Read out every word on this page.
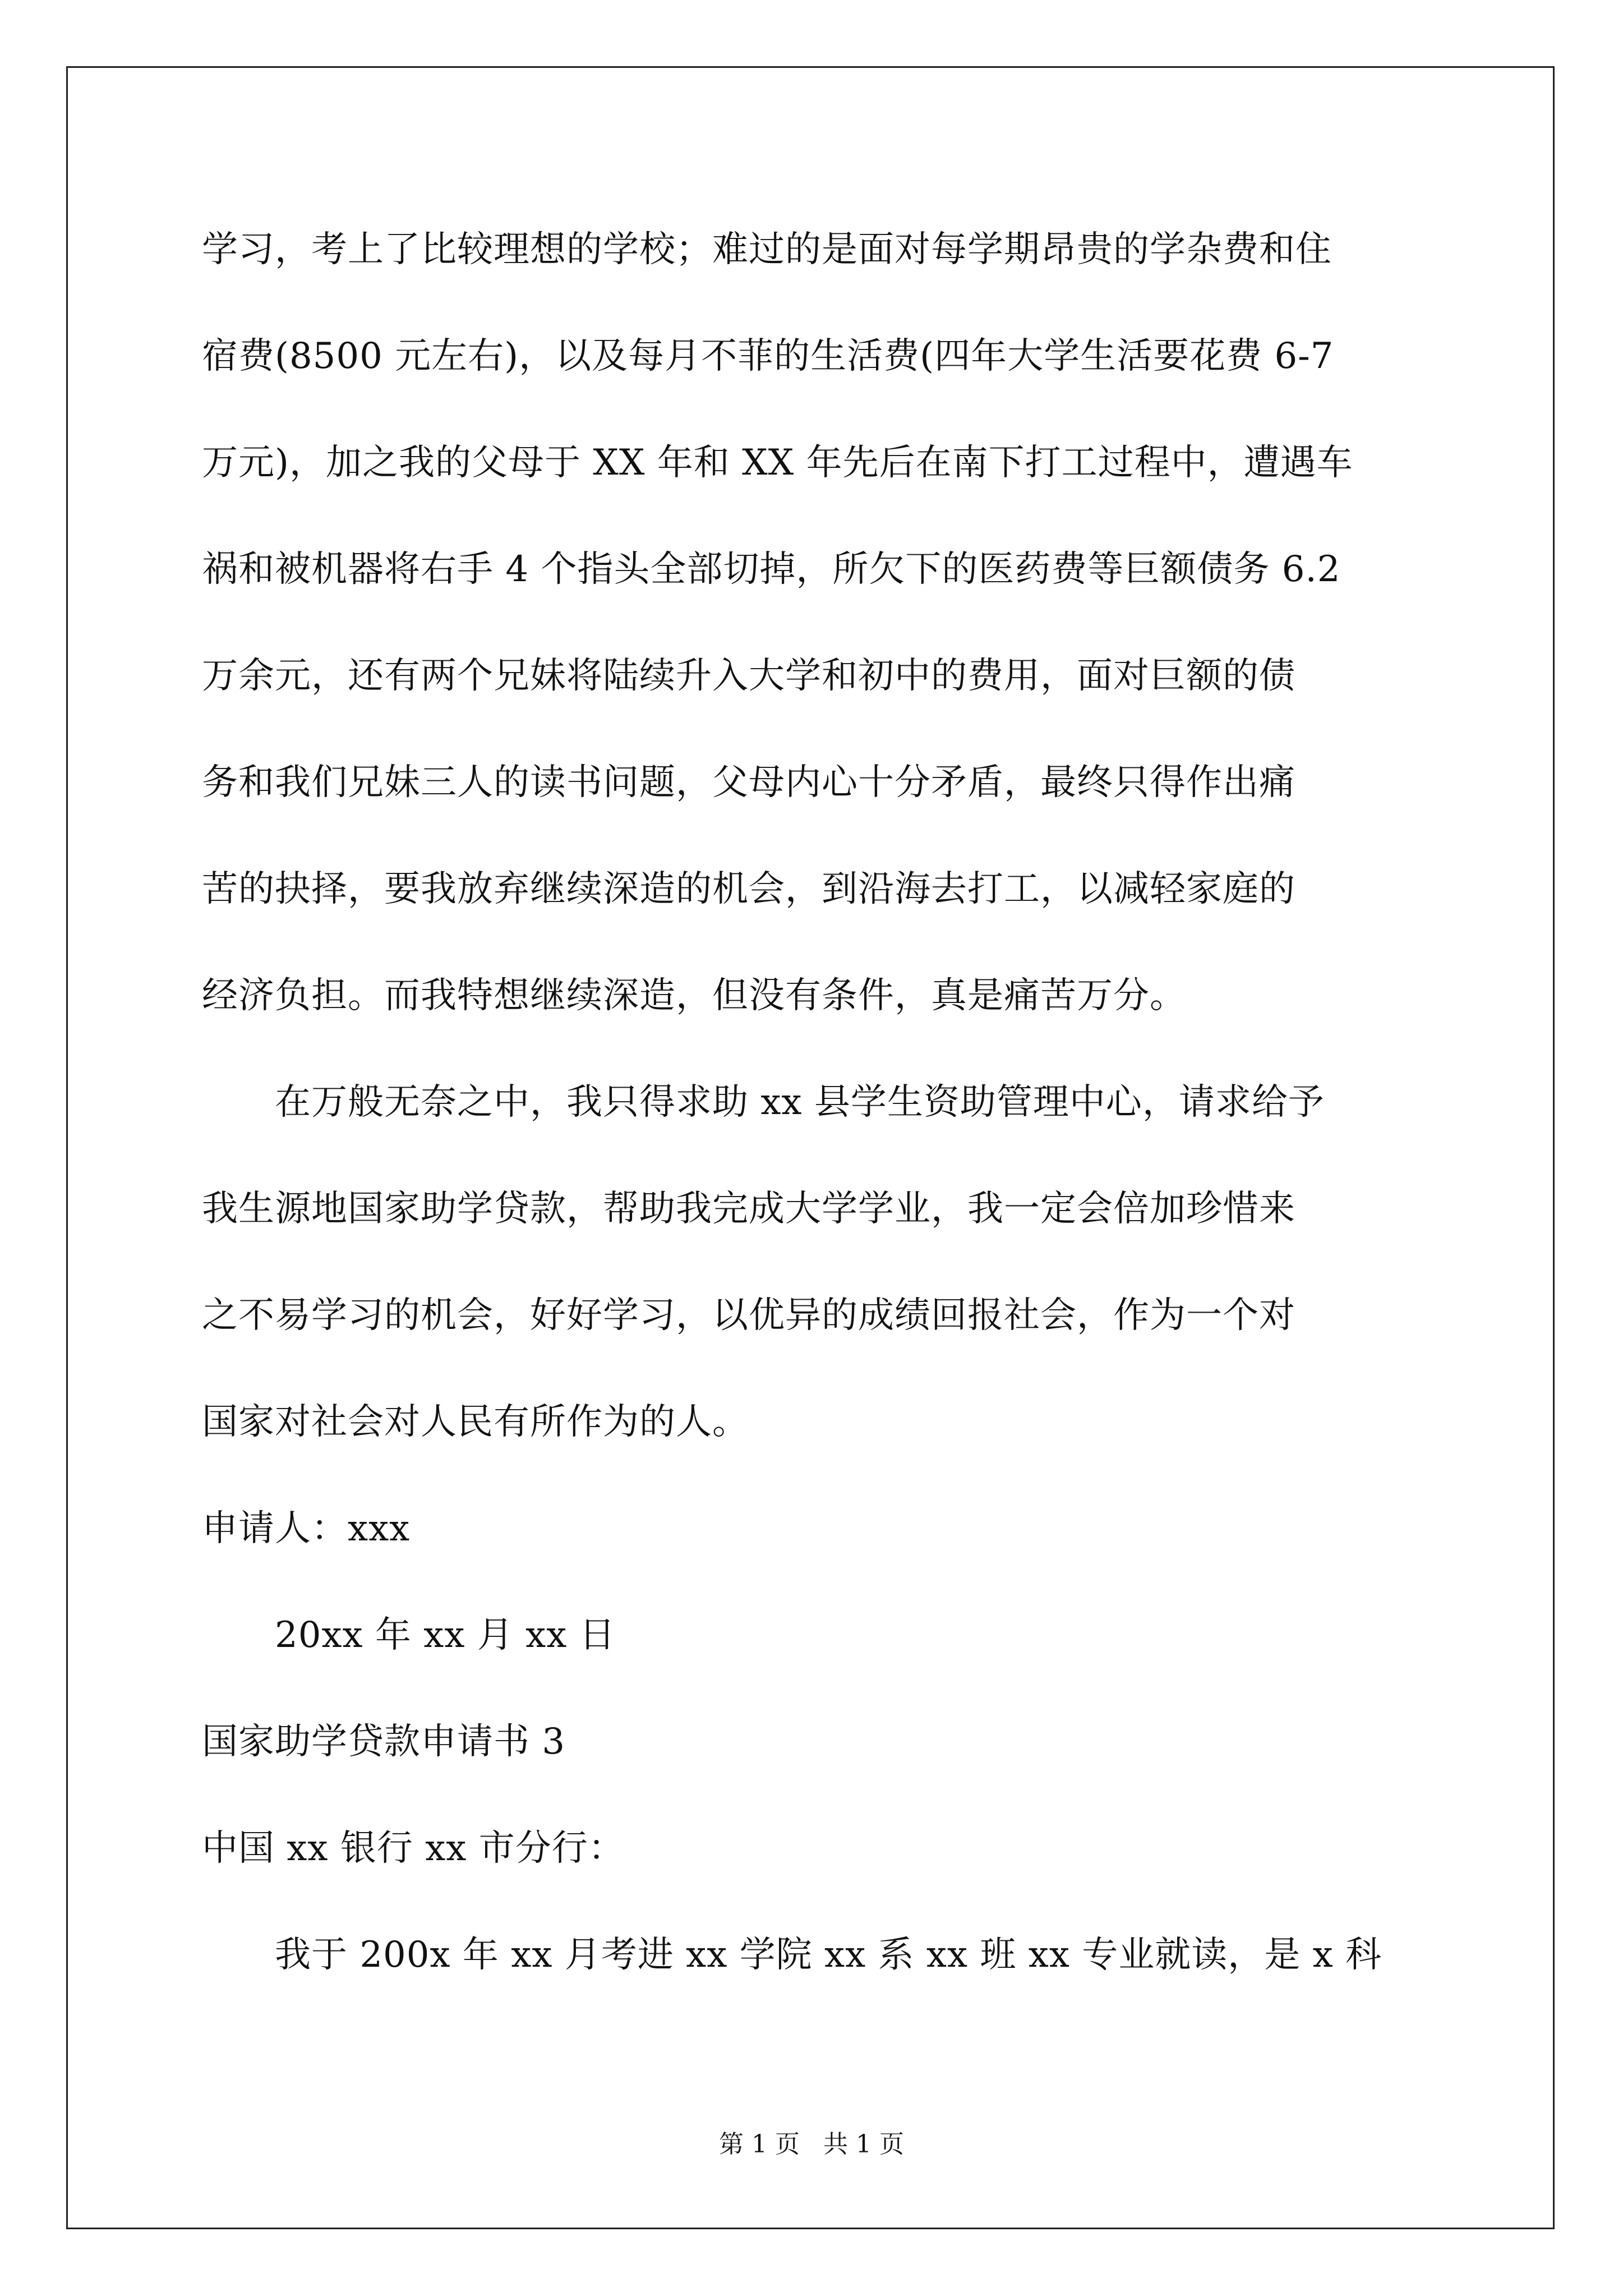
学习，考上了比较理想的学校；难过的是面对每学期昂贵的学杂费和住
宿费(8500 元左右)，以及每月不菲的生活费(四年大学生活要花费 6-7
万元)，加之我的父母于 XX 年和 XX 年先后在南下打工过程中，遭遇车
祸和被机器将右手 4 个指头全部切掉，所欠下的医药费等巨额债务 6.2
万余元，还有两个兄妹将陆续升入大学和初中的费用，面对巨额的债
务和我们兄妹三人的读书问题，父母内心十分矛盾，最终只得作出痛
苦的抉择，要我放弃继续深造的机会，到沿海去打工，以减轻家庭的
经济负担。而我特想继续深造，但没有条件，真是痛苦万分。
在万般无奈之中，我只得求助 xx 县学生资助管理中心，请求给予
我生源地国家助学贷款，帮助我完成大学学业，我一定会倍加珍惜来
之不易学习的机会，好好学习，以优异的成绩回报社会，作为一个对
国家对社会对人民有所作为的人。
申请人：xxx
20xx 年 xx 月 xx 日
国家助学贷款申请书 3
中国 xx 银行 xx 市分行：
我于 200x 年 xx 月考进 xx 学院 xx 系 xx 班 xx 专业就读，是 x 科
第 1 页   共 1 页
